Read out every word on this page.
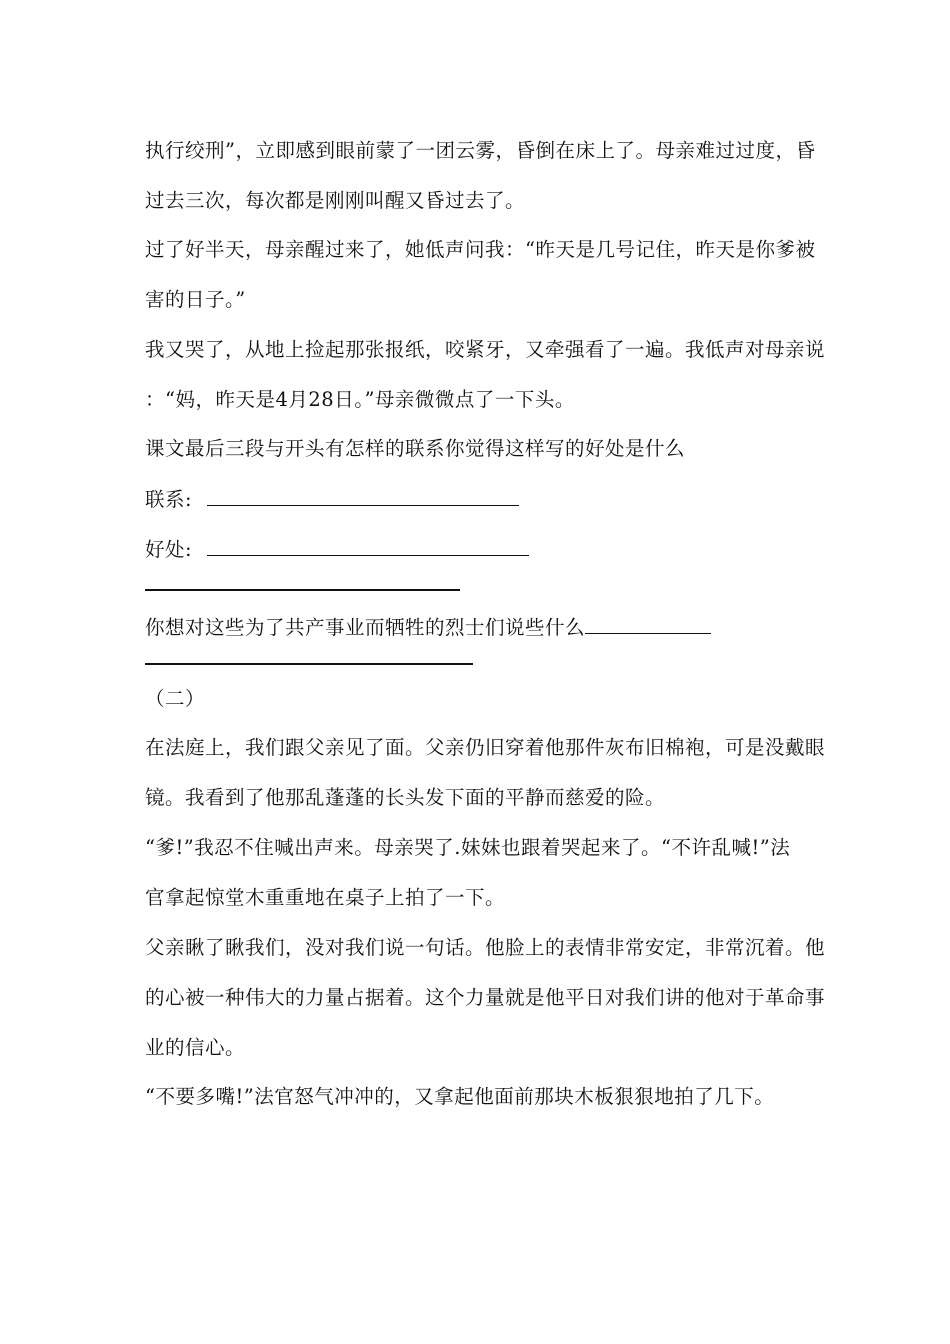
执行绞刑”，立即感到眼前蒙了一团云雾，昏倒在床上了。母亲难过过度，昏
过去三次，每次都是刚刚叫醒又昏过去了。
过了好半天，母亲醒过来了，她低声问我：“昨天是几号记住，昨天是你爹被
害的日子。”
我又哭了，从地上捡起那张报纸，咬紧牙，又牵强看了一遍。我低声对母亲说
：“妈，昨天是4月28日。”母亲微微点了一下头。
课文最后三段与开头有怎样的联系你觉得这样写的好处是什么
联系:
好处:
你想对这些为了共产事业而牺牲的烈士们说些什么
（二）
在法庭上，我们跟父亲见了面。父亲仍旧穿着他那件灰布旧棉袍，可是没戴眼
镜。我看到了他那乱蓬蓬的长头发下面的平静而慈爱的险。
“爹!”我忍不住喊出声来。母亲哭了.妹妹也跟着哭起来了。“不许乱喊!”法
官拿起惊堂木重重地在桌子上拍了一下。
父亲瞅了瞅我们，没对我们说一句话。他脸上的表情非常安定，非常沉着。他
的心被一种伟大的力量占据着。这个力量就是他平日对我们讲的他对于革命事
业的信心。
“不要多嘴!”法官怒气冲冲的，又拿起他面前那块木板狠狠地拍了几下。
